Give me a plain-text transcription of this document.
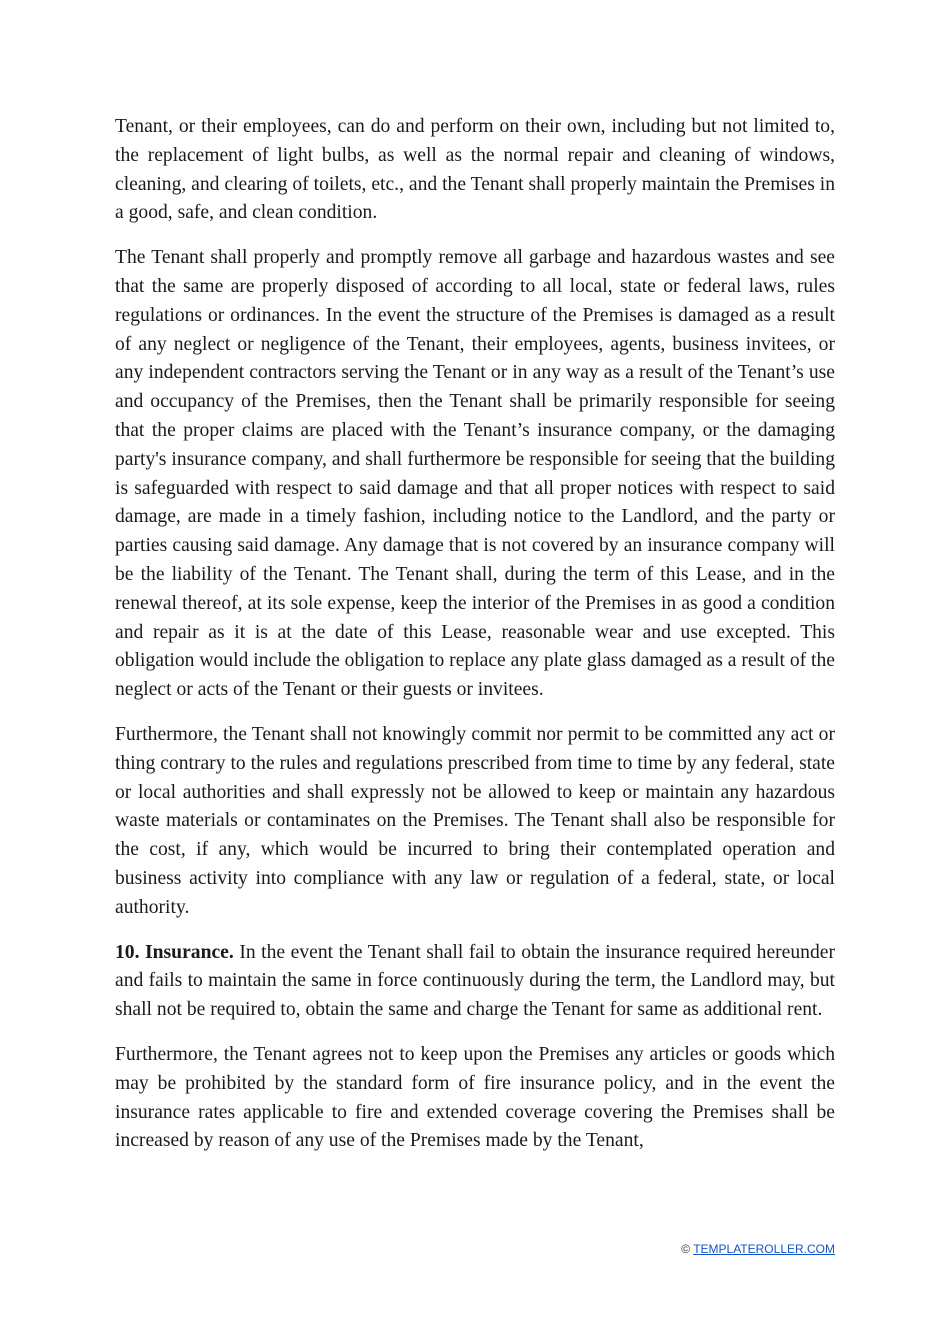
Tenant, or their employees, can do and perform on their own, including but not limited to, the replacement of light bulbs, as well as the normal repair and cleaning of windows, cleaning, and clearing of toilets, etc., and the Tenant shall properly maintain the Premises in a good, safe, and clean condition.

The Tenant shall properly and promptly remove all garbage and hazardous wastes and see that the same are properly disposed of according to all local, state or federal laws, rules regulations or ordinances. In the event the structure of the Premises is damaged as a result of any neglect or negligence of the Tenant, their employees, agents, business invitees, or any independent contractors serving the Tenant or in any way as a result of the Tenant’s use and occupancy of the Premises, then the Tenant shall be primarily responsible for seeing that the proper claims are placed with the Tenant’s insurance company, or the damaging party's insurance company, and shall furthermore be responsible for seeing that the building is safeguarded with respect to said damage and that all proper notices with respect to said damage, are made in a timely fashion, including notice to the Landlord, and the party or parties causing said damage. Any damage that is not covered by an insurance company will be the liability of the Tenant. The Tenant shall, during the term of this Lease, and in the renewal thereof, at its sole expense, keep the interior of the Premises in as good a condition and repair as it is at the date of this Lease, reasonable wear and use excepted. This obligation would include the obligation to replace any plate glass damaged as a result of the neglect or acts of the Tenant or their guests or invitees.

Furthermore, the Tenant shall not knowingly commit nor permit to be committed any act or thing contrary to the rules and regulations prescribed from time to time by any federal, state or local authorities and shall expressly not be allowed to keep or maintain any hazardous waste materials or contaminates on the Premises. The Tenant shall also be responsible for the cost, if any, which would be incurred to bring their contemplated operation and business activity into compliance with any law or regulation of a federal, state, or local authority.

10. Insurance. In the event the Tenant shall fail to obtain the insurance required hereunder and fails to maintain the same in force continuously during the term, the Landlord may, but shall not be required to, obtain the same and charge the Tenant for same as additional rent.

Furthermore, the Tenant agrees not to keep upon the Premises any articles or goods which may be prohibited by the standard form of fire insurance policy, and in the event the insurance rates applicable to fire and extended coverage covering the Premises shall be increased by reason of any use of the Premises made by the Tenant,

© TEMPLATEROLLER.COM
